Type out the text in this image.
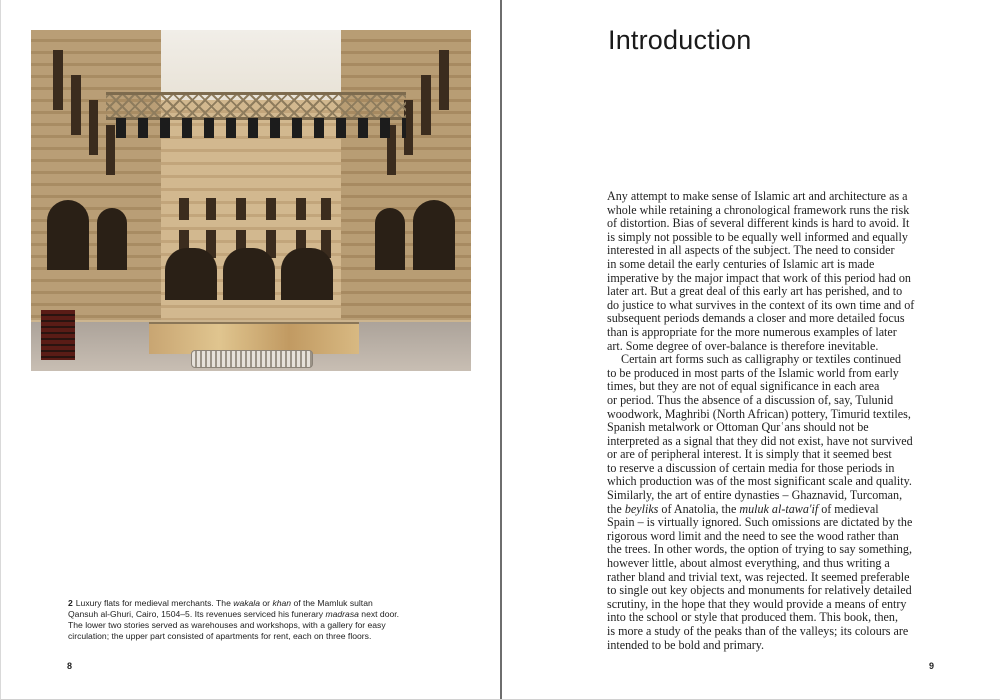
2 Luxury flats for medieval merchants. The wakala or khan of the Mamluk sultan
Qansuh al-Ghuri, Cairo, 1504–5. Its revenues serviced his funerary madrasa next door.
The lower two stories served as warehouses and workshops, with a gallery for easy
circulation; the upper part consisted of apartments for rent, each on three floors.
8
Introduction
Any attempt to make sense of Islamic art and architecture as a
whole while retaining a chronological framework runs the risk
of distortion. Bias of several different kinds is hard to avoid. It
is simply not possible to be equally well informed and equally
interested in all aspects of the subject. The need to consider
in some detail the early centuries of Islamic art is made
imperative by the major impact that work of this period had on
later art. But a great deal of this early art has perished, and to
do justice to what survives in the context of its own time and of
subsequent periods demands a closer and more detailed focus
than is appropriate for the more numerous examples of later
art. Some degree of over-balance is therefore inevitable.
Certain art forms such as calligraphy or textiles continued
to be produced in most parts of the Islamic world from early
times, but they are not of equal significance in each area
or period. Thus the absence of a discussion of, say, Tulunid
woodwork, Maghribi (North African) pottery, Timurid textiles,
Spanish metalwork or Ottoman Qurʿans should not be
interpreted as a signal that they did not exist, have not survived
or are of peripheral interest. It is simply that it seemed best
to reserve a discussion of certain media for those periods in
which production was of the most significant scale and quality.
Similarly, the art of entire dynasties – Ghaznavid, Turcoman,
the beyliks of Anatolia, the muluk al-tawa'if of medieval
Spain – is virtually ignored. Such omissions are dictated by the
rigorous word limit and the need to see the wood rather than
the trees. In other words, the option of trying to say something,
however little, about almost everything, and thus writing a
rather bland and trivial text, was rejected. It seemed preferable
to single out key objects and monuments for relatively detailed
scrutiny, in the hope that they would provide a means of entry
into the school or style that produced them. This book, then,
is more a study of the peaks than of the valleys; its colours are
intended to be bold and primary.
9
